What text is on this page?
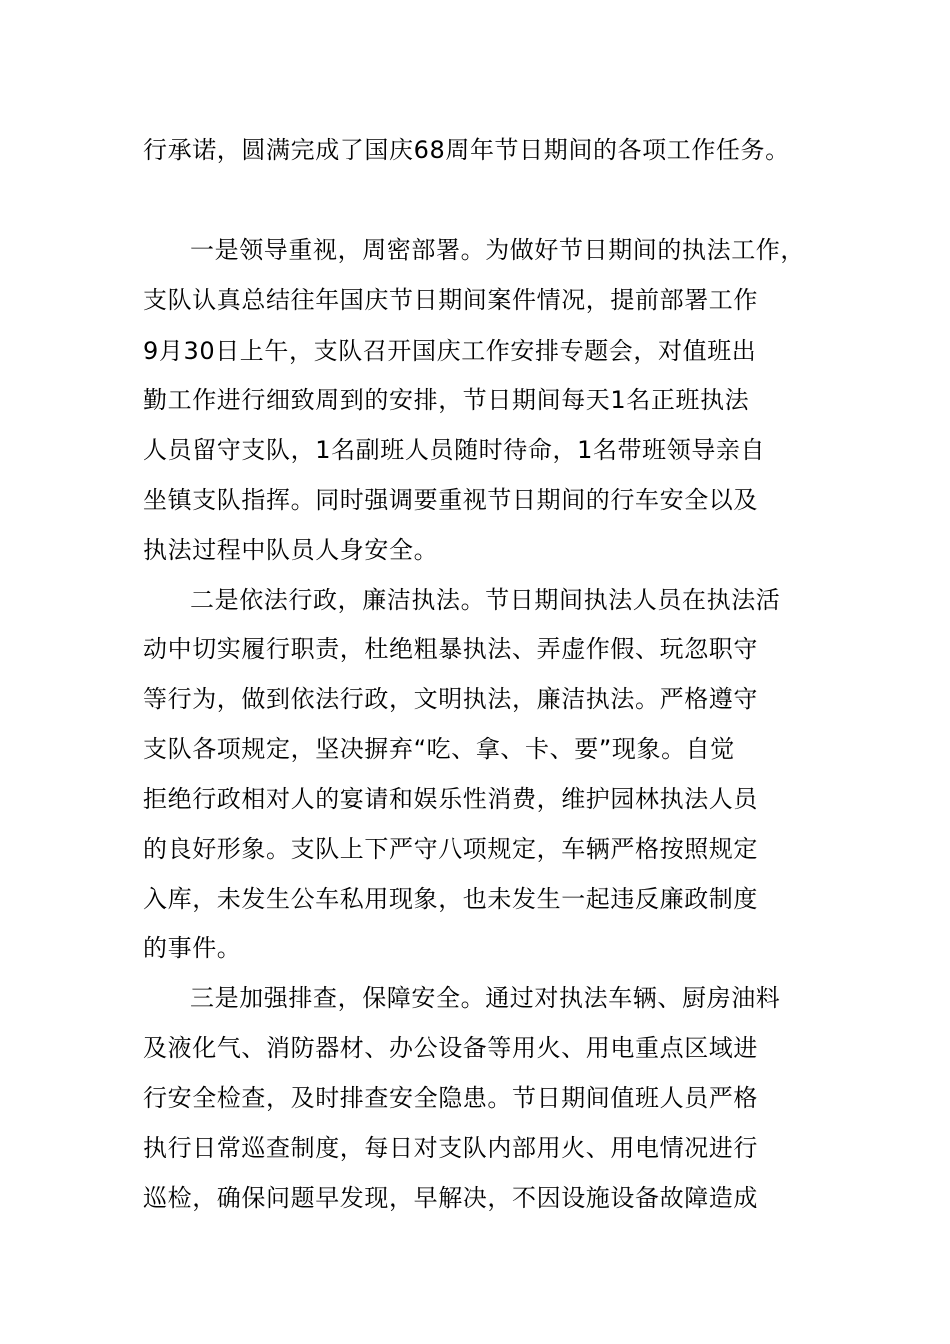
行承诺，圆满完成了国庆68周年节日期间的各项工作任务。
一是领导重视，周密部署。为做好节日期间的执法工作，
支队认真总结往年国庆节日期间案件情况，提前部署工作
9月30日上午，支队召开国庆工作安排专题会，对值班出
勤工作进行细致周到的安排，节日期间每天1名正班执法
人员留守支队，1名副班人员随时待命，1名带班领导亲自
坐镇支队指挥。同时强调要重视节日期间的行车安全以及
执法过程中队员人身安全。
二是依法行政，廉洁执法。节日期间执法人员在执法活
动中切实履行职责，杜绝粗暴执法、弄虚作假、玩忽职守
等行为，做到依法行政，文明执法，廉洁执法。严格遵守
支队各项规定，坚决摒弃“吃、拿、卡、要”现象。自觉
拒绝行政相对人的宴请和娱乐性消费，维护园林执法人员
的良好形象。支队上下严守八项规定，车辆严格按照规定
入库，未发生公车私用现象，也未发生一起违反廉政制度
的事件。
三是加强排查，保障安全。通过对执法车辆、厨房油料
及液化气、消防器材、办公设备等用火、用电重点区域进
行安全检查，及时排查安全隐患。节日期间值班人员严格
执行日常巡查制度，每日对支队内部用火、用电情况进行
巡检，确保问题早发现，早解决，不因设施设备故障造成
